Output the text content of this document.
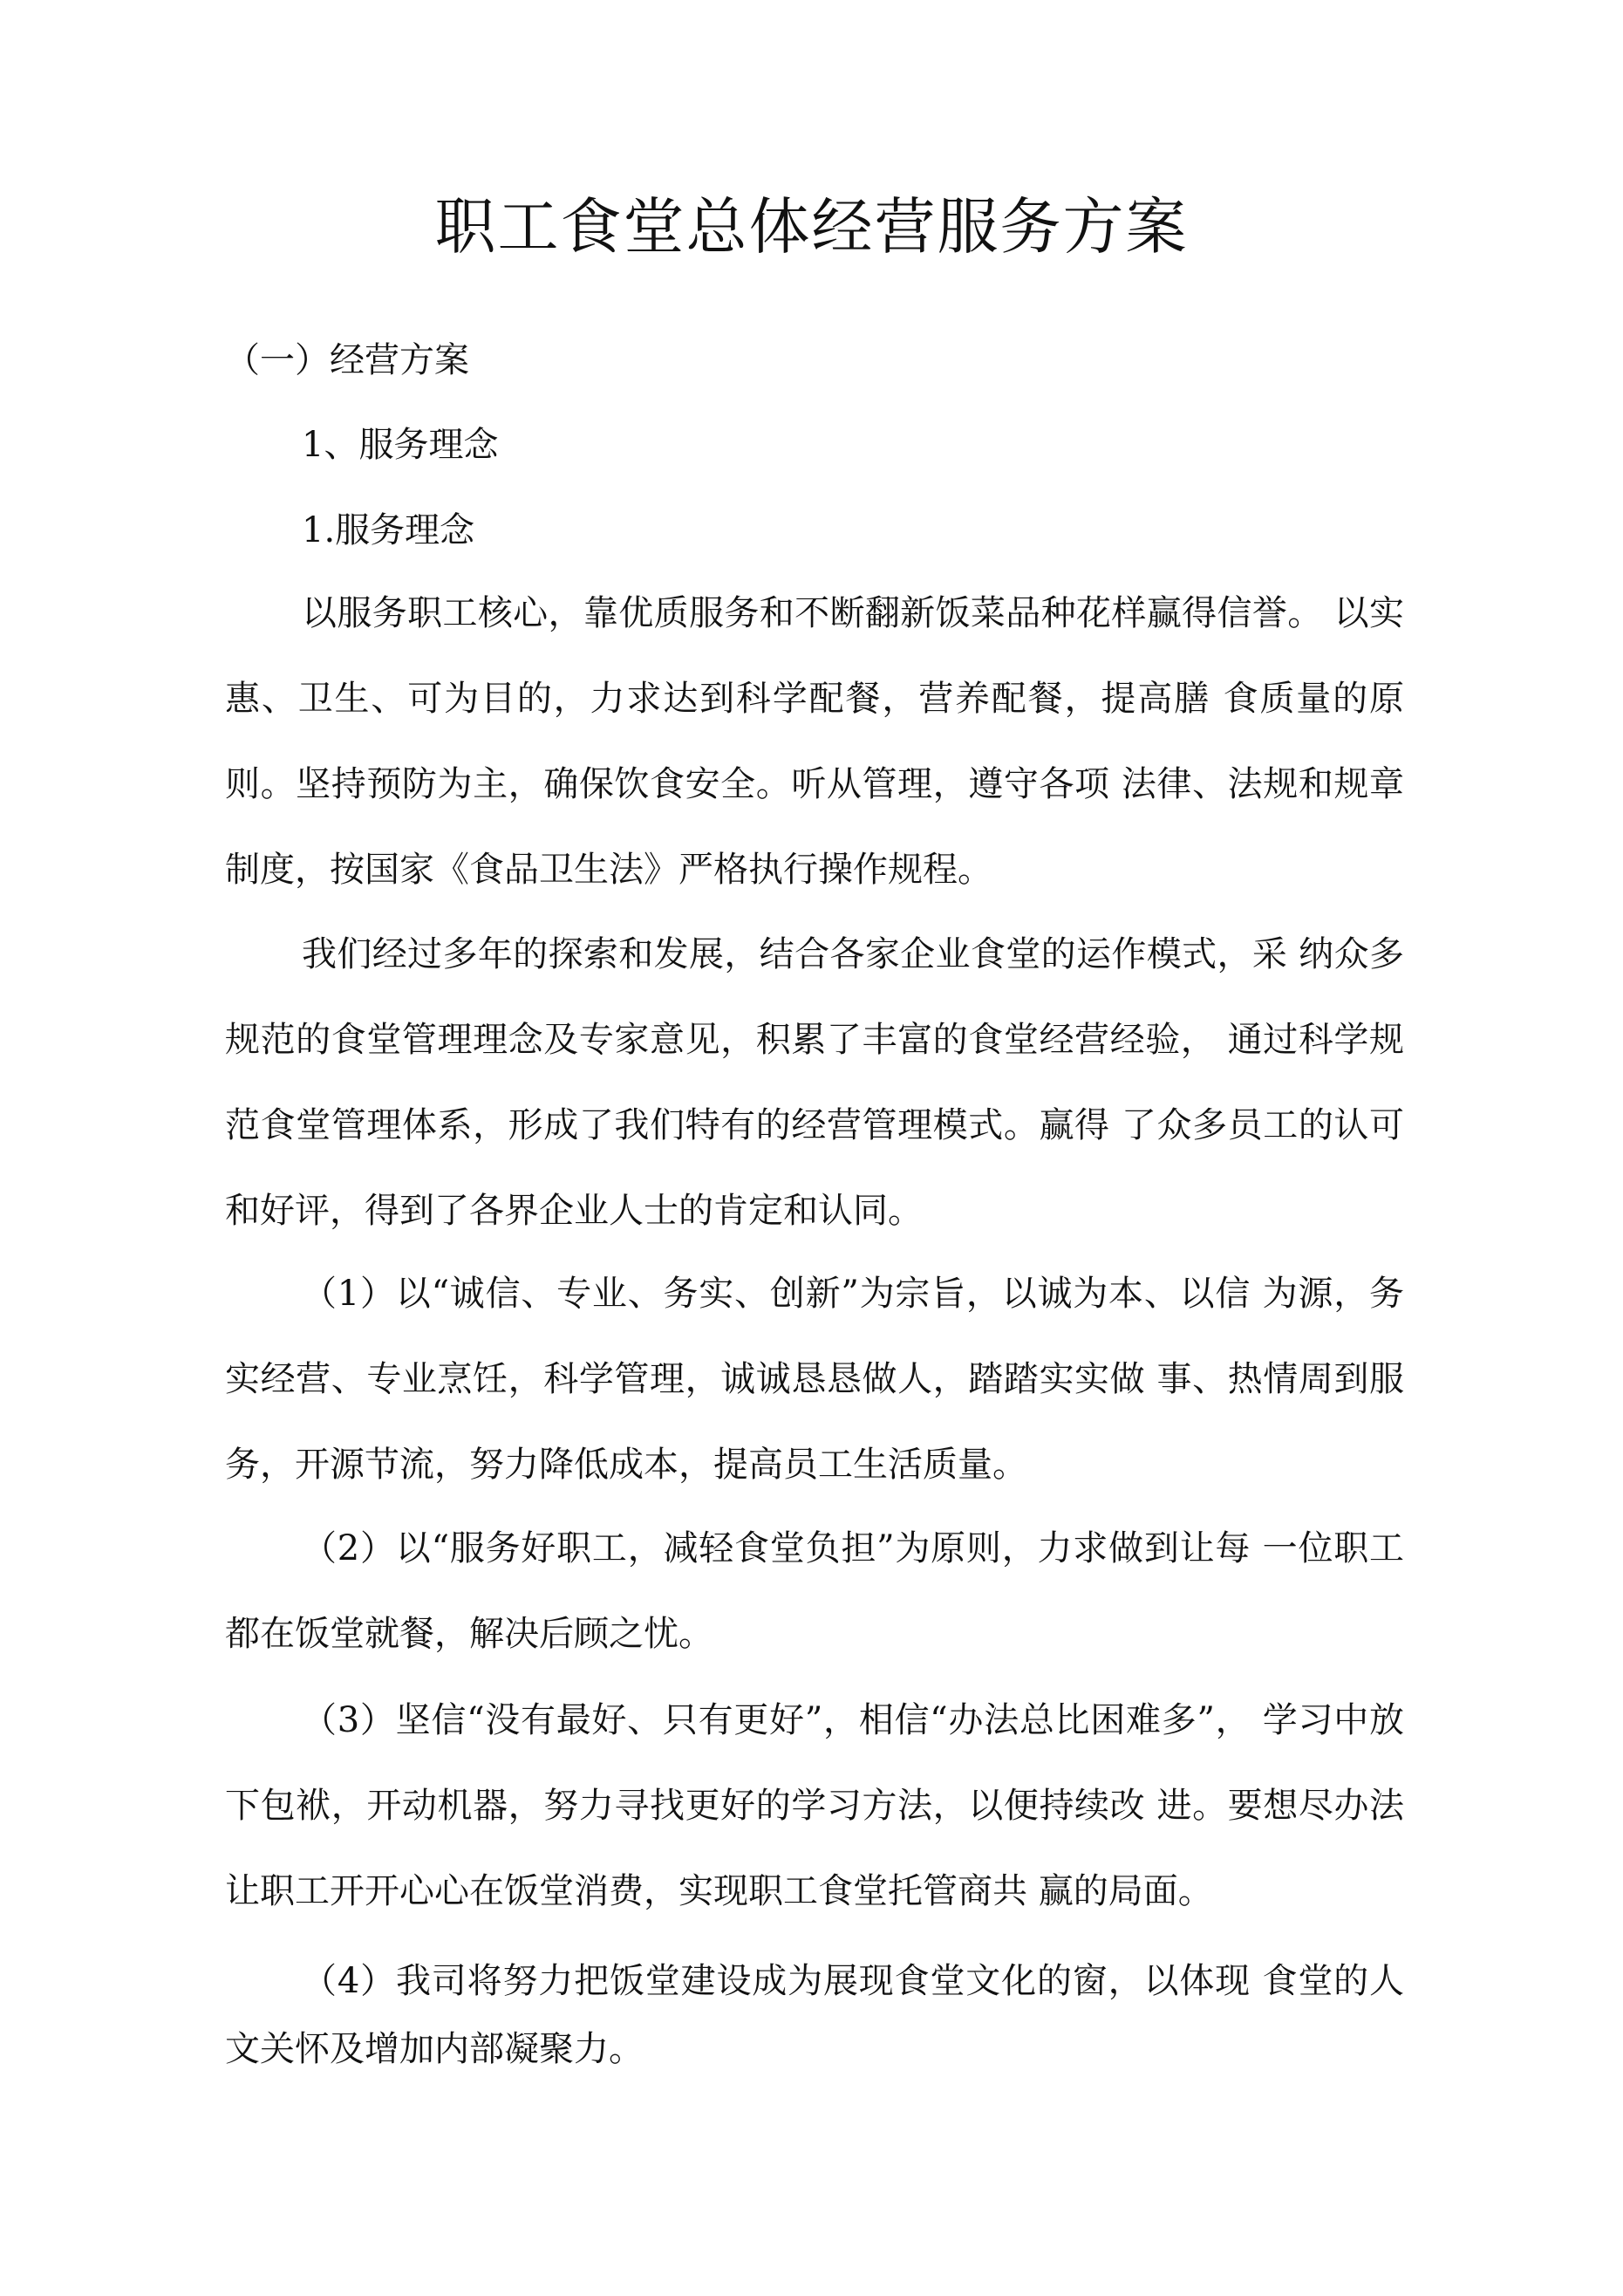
职工食堂总体经营服务方案
（一）经营方案
1、服务理念
1.服务理念

以服务职工核心，靠优质服务和不断翻新饭菜品种花样赢得信誉。 以实惠、卫生、可为目的，力求达到科学配餐，营养配餐，提高膳 食质量的原则。坚持预防为主，确保饮食安全。听从管理，遵守各项 法律、法规和规章制度，按国家《食品卫生法》严格执行操作规程。

我们经过多年的探索和发展，结合各家企业食堂的运作模式，采 纳众多规范的食堂管理理念及专家意见，积累了丰富的食堂经营经验， 通过科学规范食堂管理体系，形成了我们特有的经营管理模式。赢得 了众多员工的认可和好评，得到了各界企业人士的肯定和认同。

（1）以“诚信、专业、务实、创新”为宗旨，以诚为本、以信 为源，务实经营、专业烹饪，科学管理，诚诚恳恳做人，踏踏实实做 事、热情周到服务，开源节流，努力降低成本，提高员工生活质量。

（2）以“服务好职工，减轻食堂负担”为原则，力求做到让每 一位职工都在饭堂就餐，解决后顾之忧。

（3）坚信“没有最好、只有更好”，相信“办法总比困难多”， 学习中放下包袱，开动机器，努力寻找更好的学习方法，以便持续改 进。要想尽办法让职工开开心心在饭堂消费，实现职工食堂托管商共 赢的局面。

（4）我司将努力把饭堂建设成为展现食堂文化的窗，以体现 食堂的人文关怀及增加内部凝聚力。
